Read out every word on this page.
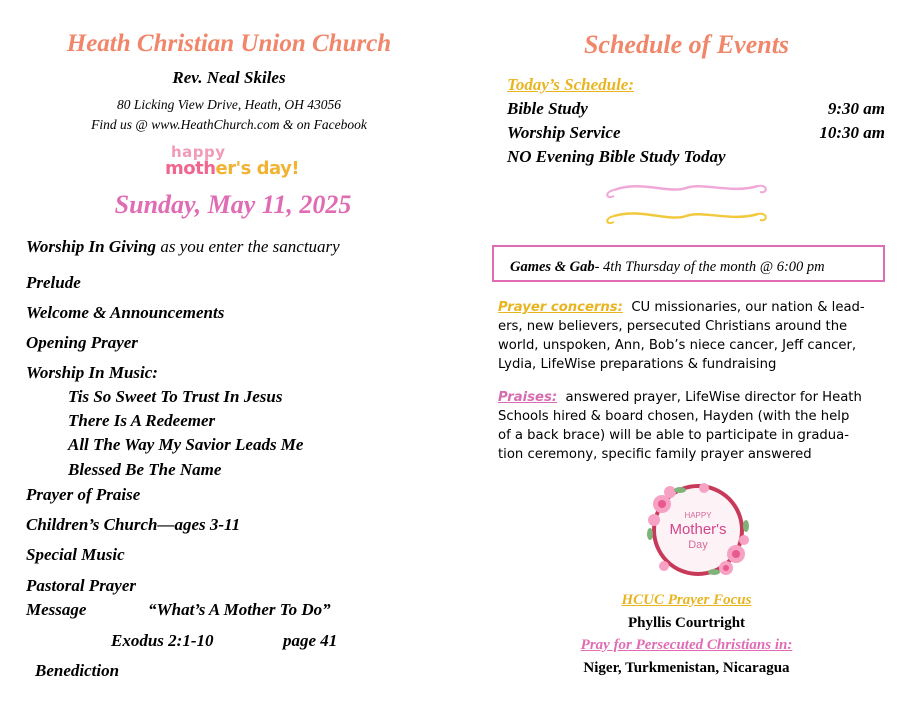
Heath Christian Union Church
Rev. Neal Skiles
80 Licking View Drive, Heath, OH 43056
Find us @ www.HeathChurch.com & on Facebook
happy
mother's day!
Sunday, May 11, 2025
Worship In Giving as you enter the sanctuary
Prelude
Welcome & Announcements
Opening Prayer
Worship In Music:
Tis So Sweet To Trust In Jesus
There Is A Redeemer
All The Way My Savior Leads Me
Blessed Be The Name
Prayer of Praise
Children’s Church—ages 3-11
Special Music
Pastoral Prayer
Message	“What’s A Mother To Do”
Exodus 2:1-10	page 41
Benediction
Schedule of Events
Today’s Schedule:
Bible Study	9:30 am
Worship Service	10:30 am
NO Evening Bible Study Today
Games & Gab- 4th Thursday of the month @ 6:00 pm
Prayer concerns: CU missionaries, our nation & lead-
ers, new believers, persecuted Christians around the
world, unspoken, Ann, Bob’s niece cancer, Jeff cancer,
Lydia, LifeWise preparations & fundraising
Praises: answered prayer, LifeWise director for Heath
Schools hired & board chosen, Hayden (with the help
of a back brace) will be able to participate in gradua-
tion ceremony, specific family prayer answered
HAPPY
Mother's
Day
HCUC Prayer Focus
Phyllis Courtright
Pray for Persecuted Christians in:
Niger, Turkmenistan, Nicaragua
